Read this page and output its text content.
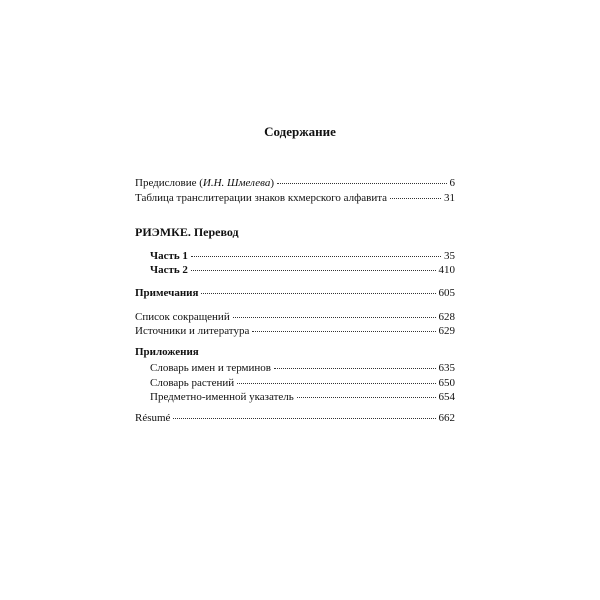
Содержание
Предисловие (И.Н. Шмелева)	6
Таблица транслитерации знаков кхмерского алфавита	31
РИЭМКЕ. Перевод
Часть 1	35
Часть 2	410
Примечания	605
Список сокращений	628
Источники и литература	629
Приложения
Словарь имен и терминов	635
Словарь растений	650
Предметно-именной указатель	654
Résumé	662
